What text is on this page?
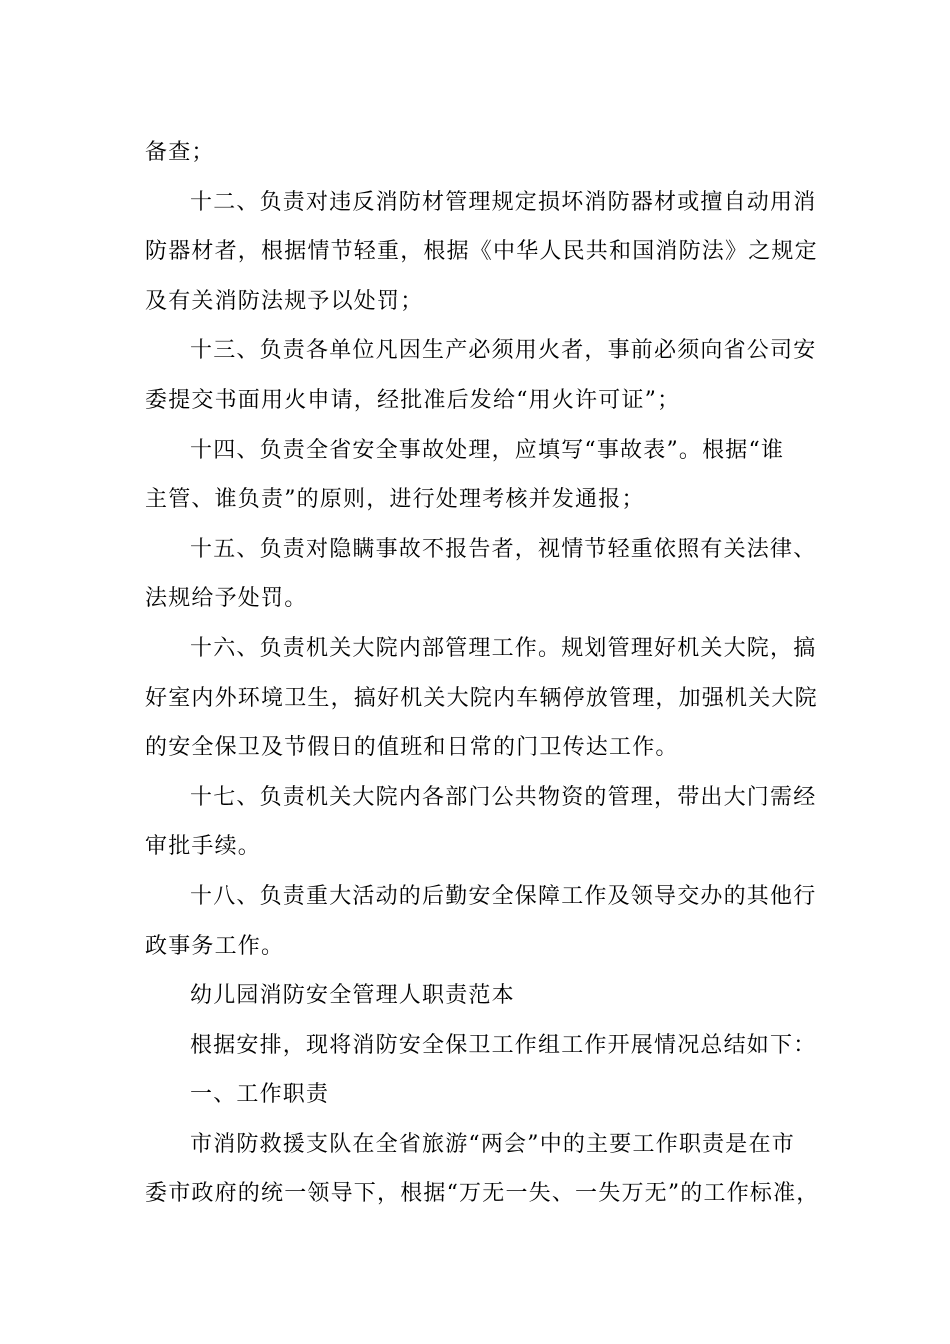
备查；
十二、负责对违反消防材管理规定损坏消防器材或擅自动用消
防器材者，根据情节轻重，根据《中华人民共和国消防法》之规定
及有关消防法规予以处罚；
十三、负责各单位凡因生产必须用火者，事前必须向省公司安
委提交书面用火申请，经批准后发给“用火许可证”；
十四、负责全省安全事故处理，应填写“事故表”。根据“谁
主管、谁负责”的原则，进行处理考核并发通报；
十五、负责对隐瞒事故不报告者，视情节轻重依照有关法律、
法规给予处罚。
十六、负责机关大院内部管理工作。规划管理好机关大院，搞
好室内外环境卫生，搞好机关大院内车辆停放管理，加强机关大院
的安全保卫及节假日的值班和日常的门卫传达工作。
十七、负责机关大院内各部门公共物资的管理，带出大门需经
审批手续。
十八、负责重大活动的后勤安全保障工作及领导交办的其他行
政事务工作。
幼儿园消防安全管理人职责范本
根据安排，现将消防安全保卫工作组工作开展情况总结如下：
一、工作职责
市消防救援支队在全省旅游“两会”中的主要工作职责是在市
委市政府的统一领导下，根据“万无一失、一失万无”的工作标准，
